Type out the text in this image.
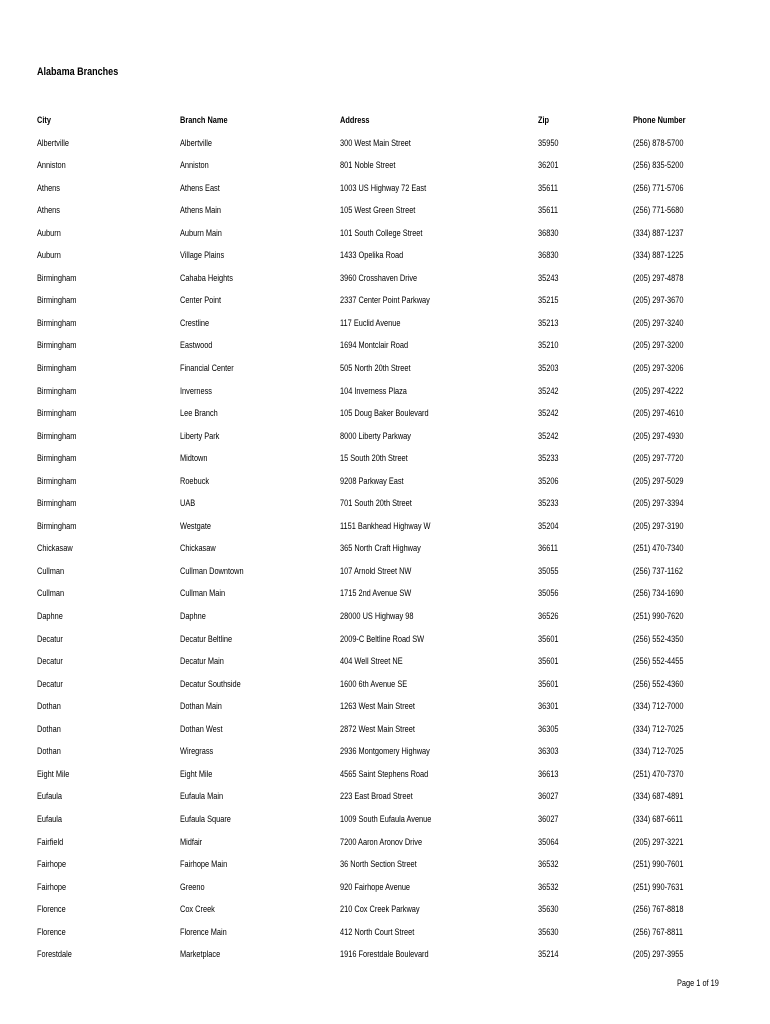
Alabama Branches
City	Branch Name	Address	Zip	Phone Number
Albertville	Albertville	300 West Main Street	35950	(256) 878-5700
Anniston	Anniston	801 Noble Street	36201	(256) 835-5200
Athens	Athens East	1003 US Highway 72 East	35611	(256) 771-5706
Athens	Athens Main	105 West Green Street	35611	(256) 771-5680
Auburn	Auburn Main	101 South College Street	36830	(334) 887-1237
Auburn	Village Plains	1433 Opelika Road	36830	(334) 887-1225
Birmingham	Cahaba Heights	3960 Crosshaven Drive	35243	(205) 297-4878
Birmingham	Center Point	2337 Center Point Parkway	35215	(205) 297-3670
Birmingham	Crestline	117 Euclid Avenue	35213	(205) 297-3240
Birmingham	Eastwood	1694 Montclair Road	35210	(205) 297-3200
Birmingham	Financial Center	505 North 20th Street	35203	(205) 297-3206
Birmingham	Inverness	104 Inverness Plaza	35242	(205) 297-4222
Birmingham	Lee Branch	105 Doug Baker Boulevard	35242	(205) 297-4610
Birmingham	Liberty Park	8000 Liberty Parkway	35242	(205) 297-4930
Birmingham	Midtown	15 South 20th Street	35233	(205) 297-7720
Birmingham	Roebuck	9208 Parkway East	35206	(205) 297-5029
Birmingham	UAB	701 South 20th Street	35233	(205) 297-3394
Birmingham	Westgate	1151 Bankhead Highway W	35204	(205) 297-3190
Chickasaw	Chickasaw	365 North Craft Highway	36611	(251) 470-7340
Cullman	Cullman Downtown	107 Arnold Street NW	35055	(256) 737-1162
Cullman	Cullman Main	1715 2nd Avenue SW	35056	(256) 734-1690
Daphne	Daphne	28000 US Highway 98	36526	(251) 990-7620
Decatur	Decatur Beltline	2009-C Beltline Road SW	35601	(256) 552-4350
Decatur	Decatur Main	404 Well Street NE	35601	(256) 552-4455
Decatur	Decatur Southside	1600 6th Avenue SE	35601	(256) 552-4360
Dothan	Dothan Main	1263 West Main Street	36301	(334) 712-7000
Dothan	Dothan West	2872 West Main Street	36305	(334) 712-7025
Dothan	Wiregrass	2936 Montgomery Highway	36303	(334) 712-7025
Eight Mile	Eight Mile	4565 Saint Stephens Road	36613	(251) 470-7370
Eufaula	Eufaula Main	223 East Broad Street	36027	(334) 687-4891
Eufaula	Eufaula Square	1009 South Eufaula Avenue	36027	(334) 687-6611
Fairfield	Midfair	7200 Aaron Aronov Drive	35064	(205) 297-3221
Fairhope	Fairhope Main	36 North Section Street	36532	(251) 990-7601
Fairhope	Greeno	920 Fairhope Avenue	36532	(251) 990-7631
Florence	Cox Creek	210 Cox Creek Parkway	35630	(256) 767-8818
Florence	Florence Main	412 North Court Street	35630	(256) 767-8811
Forestdale	Marketplace	1916 Forestdale Boulevard	35214	(205) 297-3955
Page 1 of 19
